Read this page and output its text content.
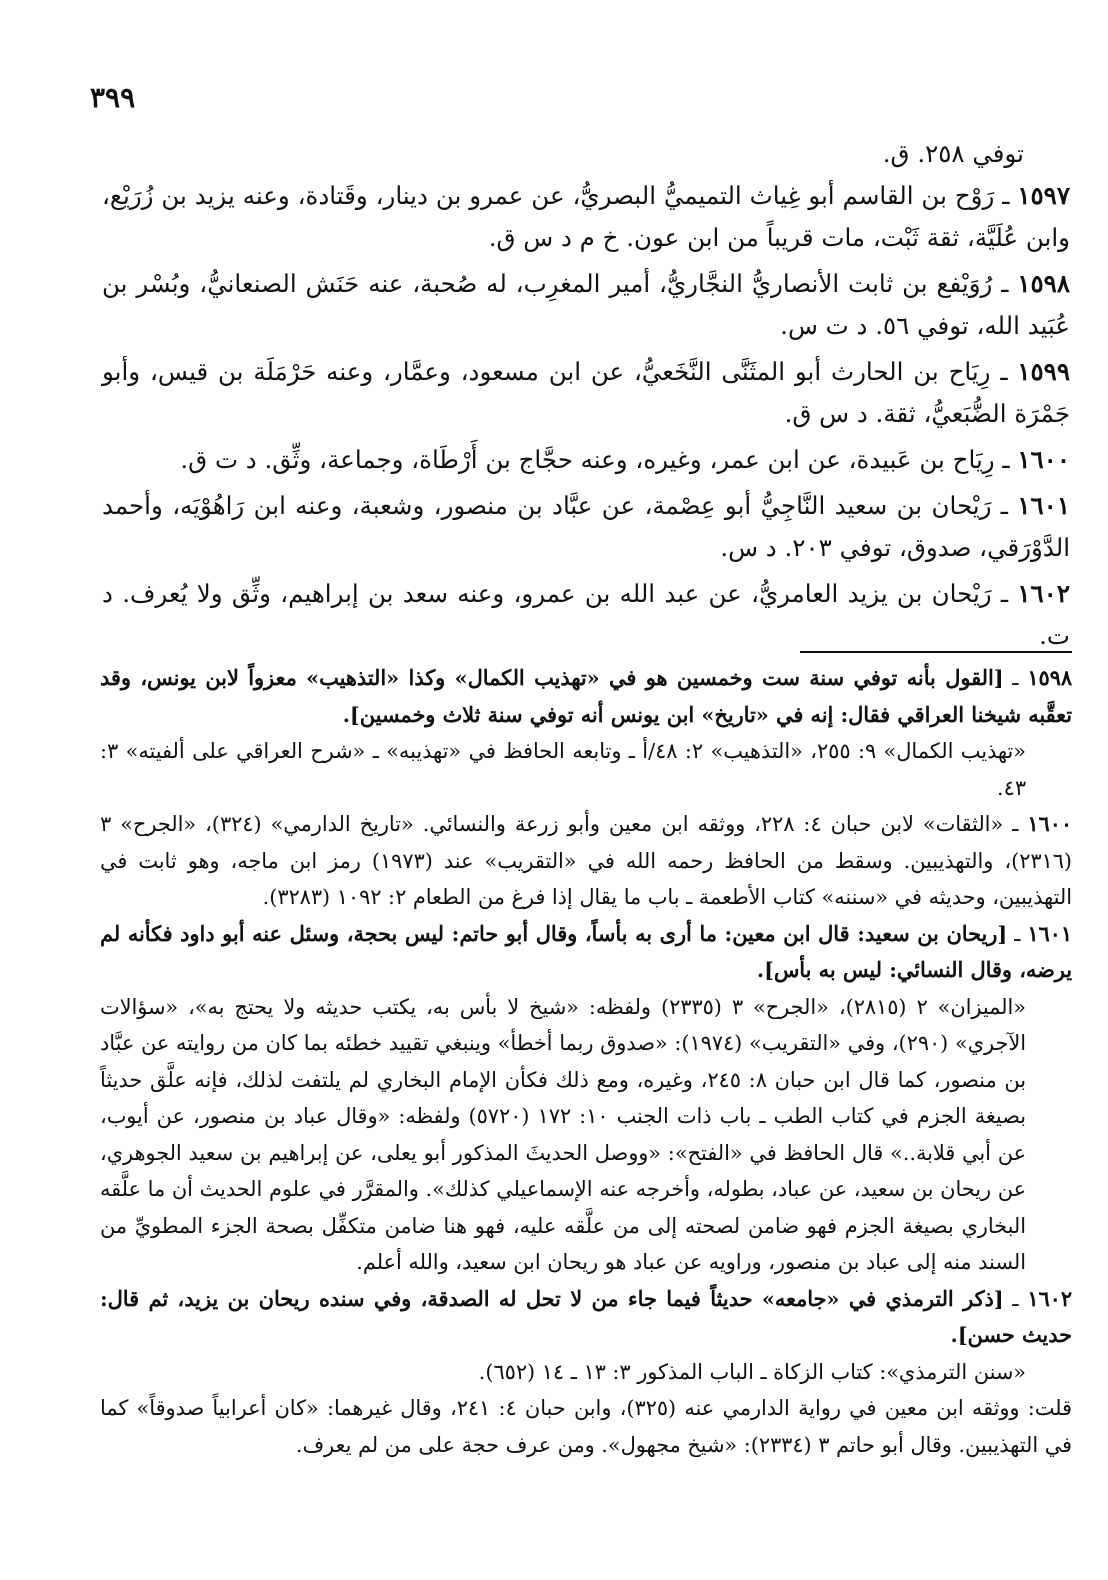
٣٩٩

توفي ٢٥٨. ق.

١٥٩٧ ـ رَوْح بن القاسم أبو غِياث التميميُّ البصريُّ، عن عمرو بن دينار، وقَتادة، وعنه يزيد بن زُرَيْع، وابن عُلَيَّة، ثقة ثَبْت، مات قريباً من ابن عون. خ م د س ق.

١٥٩٨ ـ رُوَيْفع بن ثابت الأنصاريُّ النجَّاريُّ، أمير المغرِب، له صُحبة، عنه حَنَش الصنعانيُّ، وبُسْر بن عُبَيد الله، توفي ٥٦. د ت س.

١٥٩٩ ـ رِيَاح بن الحارث أبو المثَنَّى النَّخَعيُّ، عن ابن مسعود، وعمَّار، وعنه حَرْمَلَة بن قيس، وأبو جَمْرَة الضُّبَعيُّ، ثقة. د س ق.

١٦٠٠ ـ رِيَاح بن عَبيدة، عن ابن عمر، وغيره، وعنه حجَّاج بن أَرْطَاة، وجماعة، وثِّق. د ت ق.

١٦٠١ ـ رَيْحان بن سعيد النَّاجِيُّ أبو عِصْمة، عن عبَّاد بن منصور، وشعبة، وعنه ابن رَاهُوْيَه، وأحمد الدَّوْرَقي، صدوق، توفي ٢٠٣. د س.

١٦٠٢ ـ رَيْحان بن يزيد العامريُّ، عن عبد الله بن عمرو، وعنه سعد بن إبراهيم، وثِّق ولا يُعرف. د ت.

١٥٩٨ ـ [القول بأنه توفي سنة ست وخمسين هو في «تهذيب الكمال» وكذا «التذهيب» معزواً لابن يونس، وقد تعقَّبه شيخنا العراقي فقال: إنه في «تاريخ» ابن يونس أنه توفي سنة ثلاث وخمسين].

«تهذيب الكمال» ٩: ٢٥٥، «التذهيب» ٢: ٤٨/أ ـ وتابعه الحافظ في «تهذيبه» ـ «شرح العراقي على ألفيته» ٣: ٤٣.

١٦٠٠ ـ «الثقات» لابن حبان ٤: ٢٢٨، ووثقه ابن معين وأبو زرعة والنسائي. «تاريخ الدارمي» (٣٢٤)، «الجرح» ٣ (٢٣١٦)، والتهذيبين. وسقط من الحافظ رحمه الله في «التقريب» عند (١٩٧٣) رمز ابن ماجه، وهو ثابت في التهذيبين، وحديثه في «سننه» كتاب الأطعمة ـ باب ما يقال إذا فرغ من الطعام ٢: ١٠٩٢ (٣٢٨٣).

١٦٠١ ـ [ريحان بن سعيد: قال ابن معين: ما أرى به بأساً، وقال أبو حاتم: ليس بحجة، وسئل عنه أبو داود فكأنه لم يرضه، وقال النسائي: ليس به بأس].

«الميزان» ٢ (٢٨١٥)، «الجرح» ٣ (٢٣٣٥) ولفظه: «شيخ لا بأس به، يكتب حديثه ولا يحتج به»، «سؤالات الآجري» (٢٩٠)، وفي «التقريب» (١٩٧٤): «صدوق ربما أخطأ» وينبغي تقييد خطئه بما كان من روايته عن عبَّاد بن منصور، كما قال ابن حبان ٨: ٢٤٥، وغيره، ومع ذلك فكأن الإمام البخاري لم يلتفت لذلك، فإنه علَّق حديثاً بصيغة الجزم في كتاب الطب ـ باب ذات الجنب ١٠: ١٧٢ (٥٧٢٠) ولفظه: «وقال عباد بن منصور، عن أيوب، عن أبي قلابة..» قال الحافظ في «الفتح»: «ووصل الحديثَ المذكور أبو يعلى، عن إبراهيم بن سعيد الجوهري، عن ريحان بن سعيد، عن عباد، بطوله، وأخرجه عنه الإسماعيلي كذلك». والمقرَّر في علوم الحديث أن ما علَّقه البخاري بصيغة الجزم فهو ضامن لصحته إلى من علَّقه عليه، فهو هنا ضامن متكفِّل بصحة الجزء المطويِّ من السند منه إلى عباد بن منصور، وراويه عن عباد هو ريحان ابن سعيد، والله أعلم.

١٦٠٢ ـ [ذكر الترمذي في «جامعه» حديثاً فيما جاء من لا تحل له الصدقة، وفي سنده ريحان بن يزيد، ثم قال: حديث حسن].

«سنن الترمذي»: كتاب الزكاة ـ الباب المذكور ٣: ١٣ ـ ١٤ (٦٥٢).

قلت: ووثقه ابن معين في رواية الدارمي عنه (٣٢٥)، وابن حبان ٤: ٢٤١، وقال غيرهما: «كان أعرابياً صدوقاً» كما في التهذيبين. وقال أبو حاتم ٣ (٢٣٣٤): «شيخ مجهول». ومن عرف حجة على من لم يعرف.
